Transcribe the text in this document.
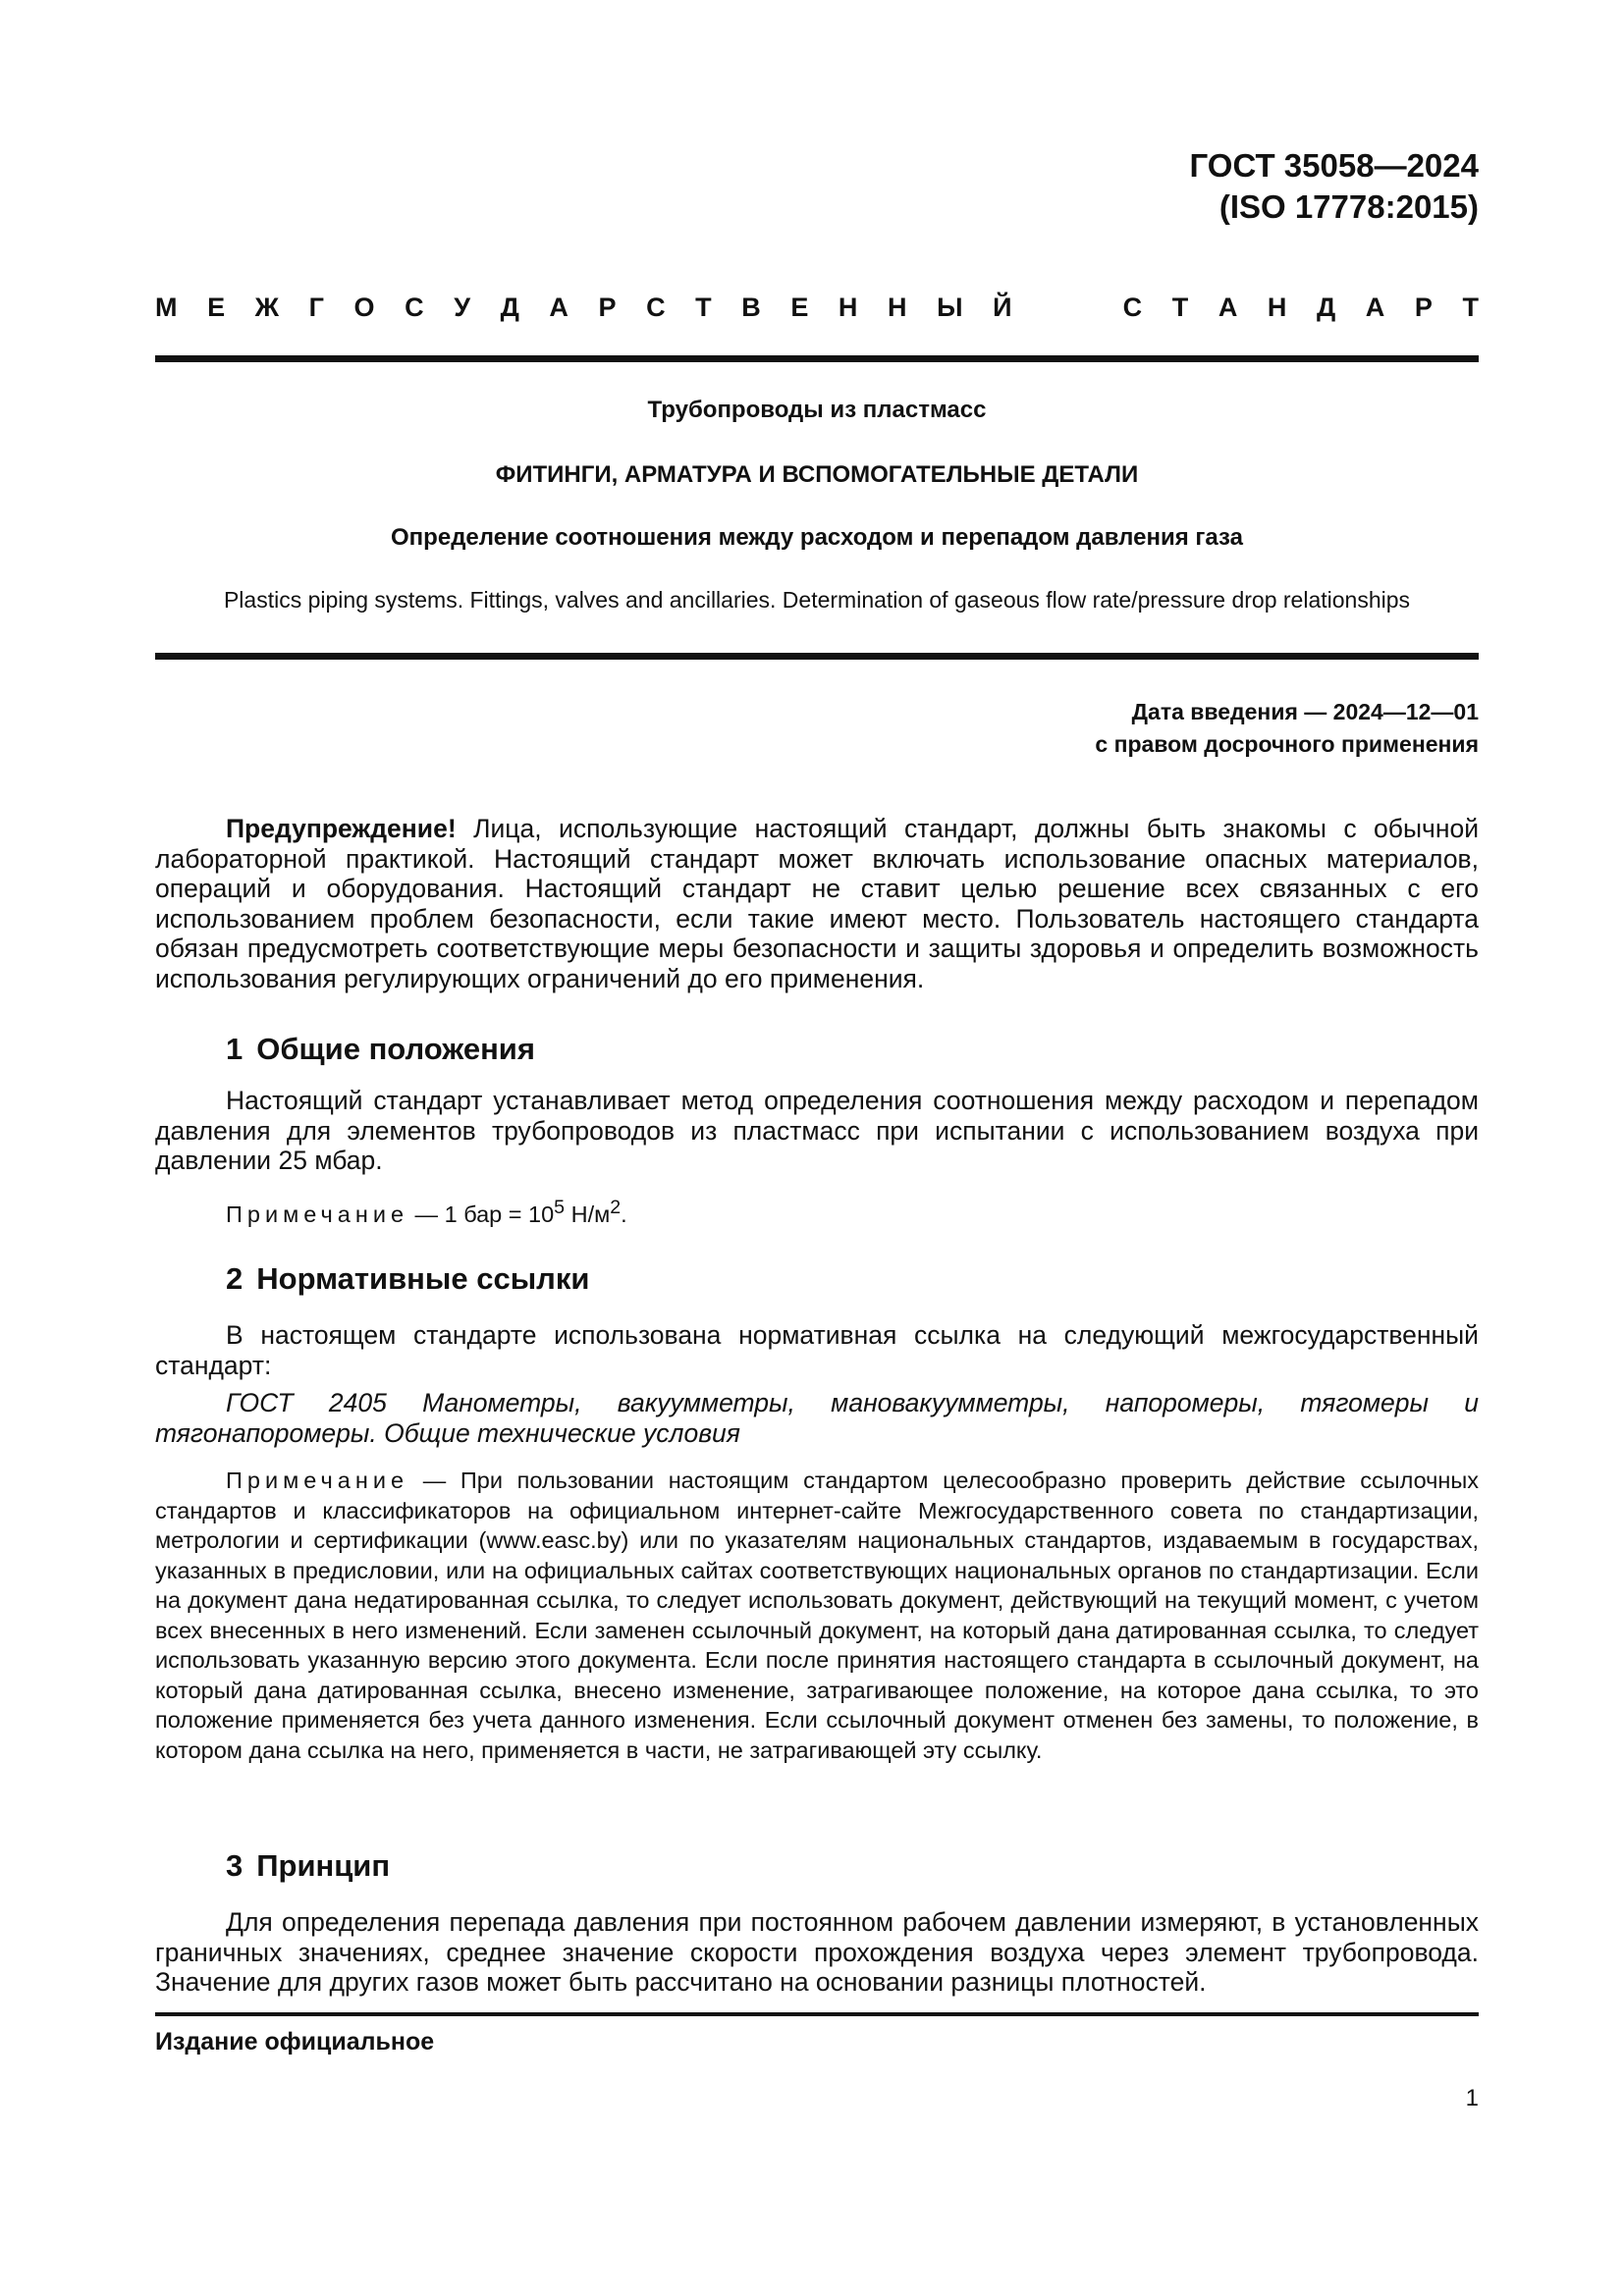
ГОСТ 35058—2024
(ISO 17778:2015)
М Е Ж Г О С У Д А Р С Т В Е Н Н Ы Й	С Т А Н Д А Р Т
Трубопроводы из пластмасс
ФИТИНГИ, АРМАТУРА И ВСПОМОГАТЕЛЬНЫЕ ДЕТАЛИ
Определение соотношения между расходом и перепадом давления газа
Plastics piping systems. Fittings, valves and ancillaries. Determination of gaseous flow rate/pressure drop relationships
Дата введения — 2024—12—01
с правом досрочного применения

Предупреждение! Лица, использующие настоящий стандарт, должны быть знакомы с обычной лабораторной практикой. Настоящий стандарт может включать использование опасных материалов, операций и оборудования. Настоящий стандарт не ставит целью решение всех связанных с его использованием проблем безопасности, если такие имеют место. Пользователь настоящего стандарта обязан предусмотреть соответствующие меры безопасности и защиты здоровья и определить возможность использования регулирующих ограничений до его применения.

1 Общие положения

Настоящий стандарт устанавливает метод определения соотношения между расходом и перепадом давления для элементов трубопроводов из пластмасс при испытании с использованием воздуха при давлении 25 мбар.

Примечание — 1 бар = $10^5$ $Н/м^2$.

2 Нормативные ссылки

В настоящем стандарте использована нормативная ссылка на следующий межгосударственный стандарт:

ГОСТ 2405 Манометры, вакуумметры, мановакуумметры, напоромеры, тягомеры и тягонапоромеры. Общие технические условия

Примечание — При пользовании настоящим стандартом целесообразно проверить действие ссылочных стандартов и классификаторов на официальном интернет-сайте Межгосударственного совета по стандартизации, метрологии и сертификации (www.easc.by) или по указателям национальных стандартов, издаваемым в государствах, указанных в предисловии, или на официальных сайтах соответствующих национальных органов по стандартизации. Если на документ дана недатированная ссылка, то следует использовать документ, действующий на текущий момент, с учетом всех внесенных в него изменений. Если заменен ссылочный документ, на который дана датированная ссылка, то следует использовать указанную версию этого документа. Если после принятия настоящего стандарта в ссылочный документ, на который дана датированная ссылка, внесено изменение, затрагивающее положение, на которое дана ссылка, то это положение применяется без учета данного изменения. Если ссылочный документ отменен без замены, то положение, в котором дана ссылка на него, применяется в части, не затрагивающей эту ссылку.

3 Принцип

Для определения перепада давления при постоянном рабочем давлении измеряют, в установленных граничных значениях, среднее значение скорости прохождения воздуха через элемент трубопровода. Значение для других газов может быть рассчитано на основании разницы плотностей.

Издание официальное
1
